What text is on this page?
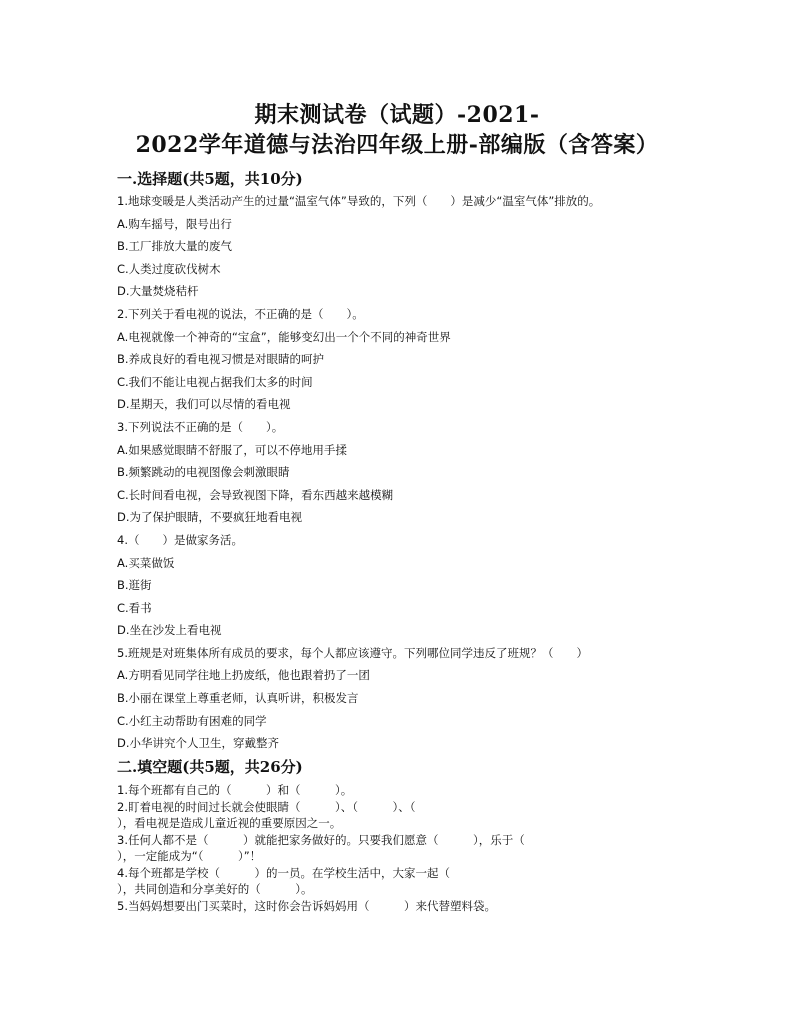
期末测试卷（试题）-2021-
2022学年道德与法治四年级上册-部编版（含答案）
一.选择题(共5题，共10分)
1.地球变暖是人类活动产生的过量“温室气体”导致的，下列（　　）是减少“温室气体”排放的。
A.购车摇号，限号出行
B.工厂排放大量的废气
C.人类过度砍伐树木
D.大量焚烧秸杆
2.下列关于看电视的说法，不正确的是（　　）。
A.电视就像一个神奇的“宝盒”，能够变幻出一个个不同的神奇世界
B.养成良好的看电视习惯是对眼睛的呵护
C.我们不能让电视占据我们太多的时间
D.星期天，我们可以尽情的看电视
3.下列说法不正确的是（　　）。
A.如果感觉眼睛不舒服了，可以不停地用手揉
B.频繁跳动的电视图像会刺激眼睛
C.长时间看电视，会导致视图下降，看东西越来越模糊
D.为了保护眼睛，不要疯狂地看电视
4.（　　）是做家务活。
A.买菜做饭
B.逛街
C.看书
D.坐在沙发上看电视
5.班规是对班集体所有成员的要求，每个人都应该遵守。下列哪位同学违反了班规？（　　）
A.方明看见同学往地上扔废纸，他也跟着扔了一团
B.小丽在课堂上尊重老师，认真听讲，积极发言
C.小红主动帮助有困难的同学
D.小华讲究个人卫生，穿戴整齐
二.填空题(共5题，共26分)
1.每个班都有自己的（　　　）和（　　　）。
2.盯着电视的时间过长就会使眼睛（　　　）、（　　　）、（
），看电视是造成儿童近视的重要原因之一。
3.任何人都不是（　　　）就能把家务做好的。只要我们愿意（　　　），乐于（
），一定能成为“（　　　）”！
4.每个班都是学校（　　　）的一员。在学校生活中，大家一起（
），共同创造和分享美好的（　　　）。
5.当妈妈想要出门买菜时，这时你会告诉妈妈用（　　　）来代替塑料袋。
